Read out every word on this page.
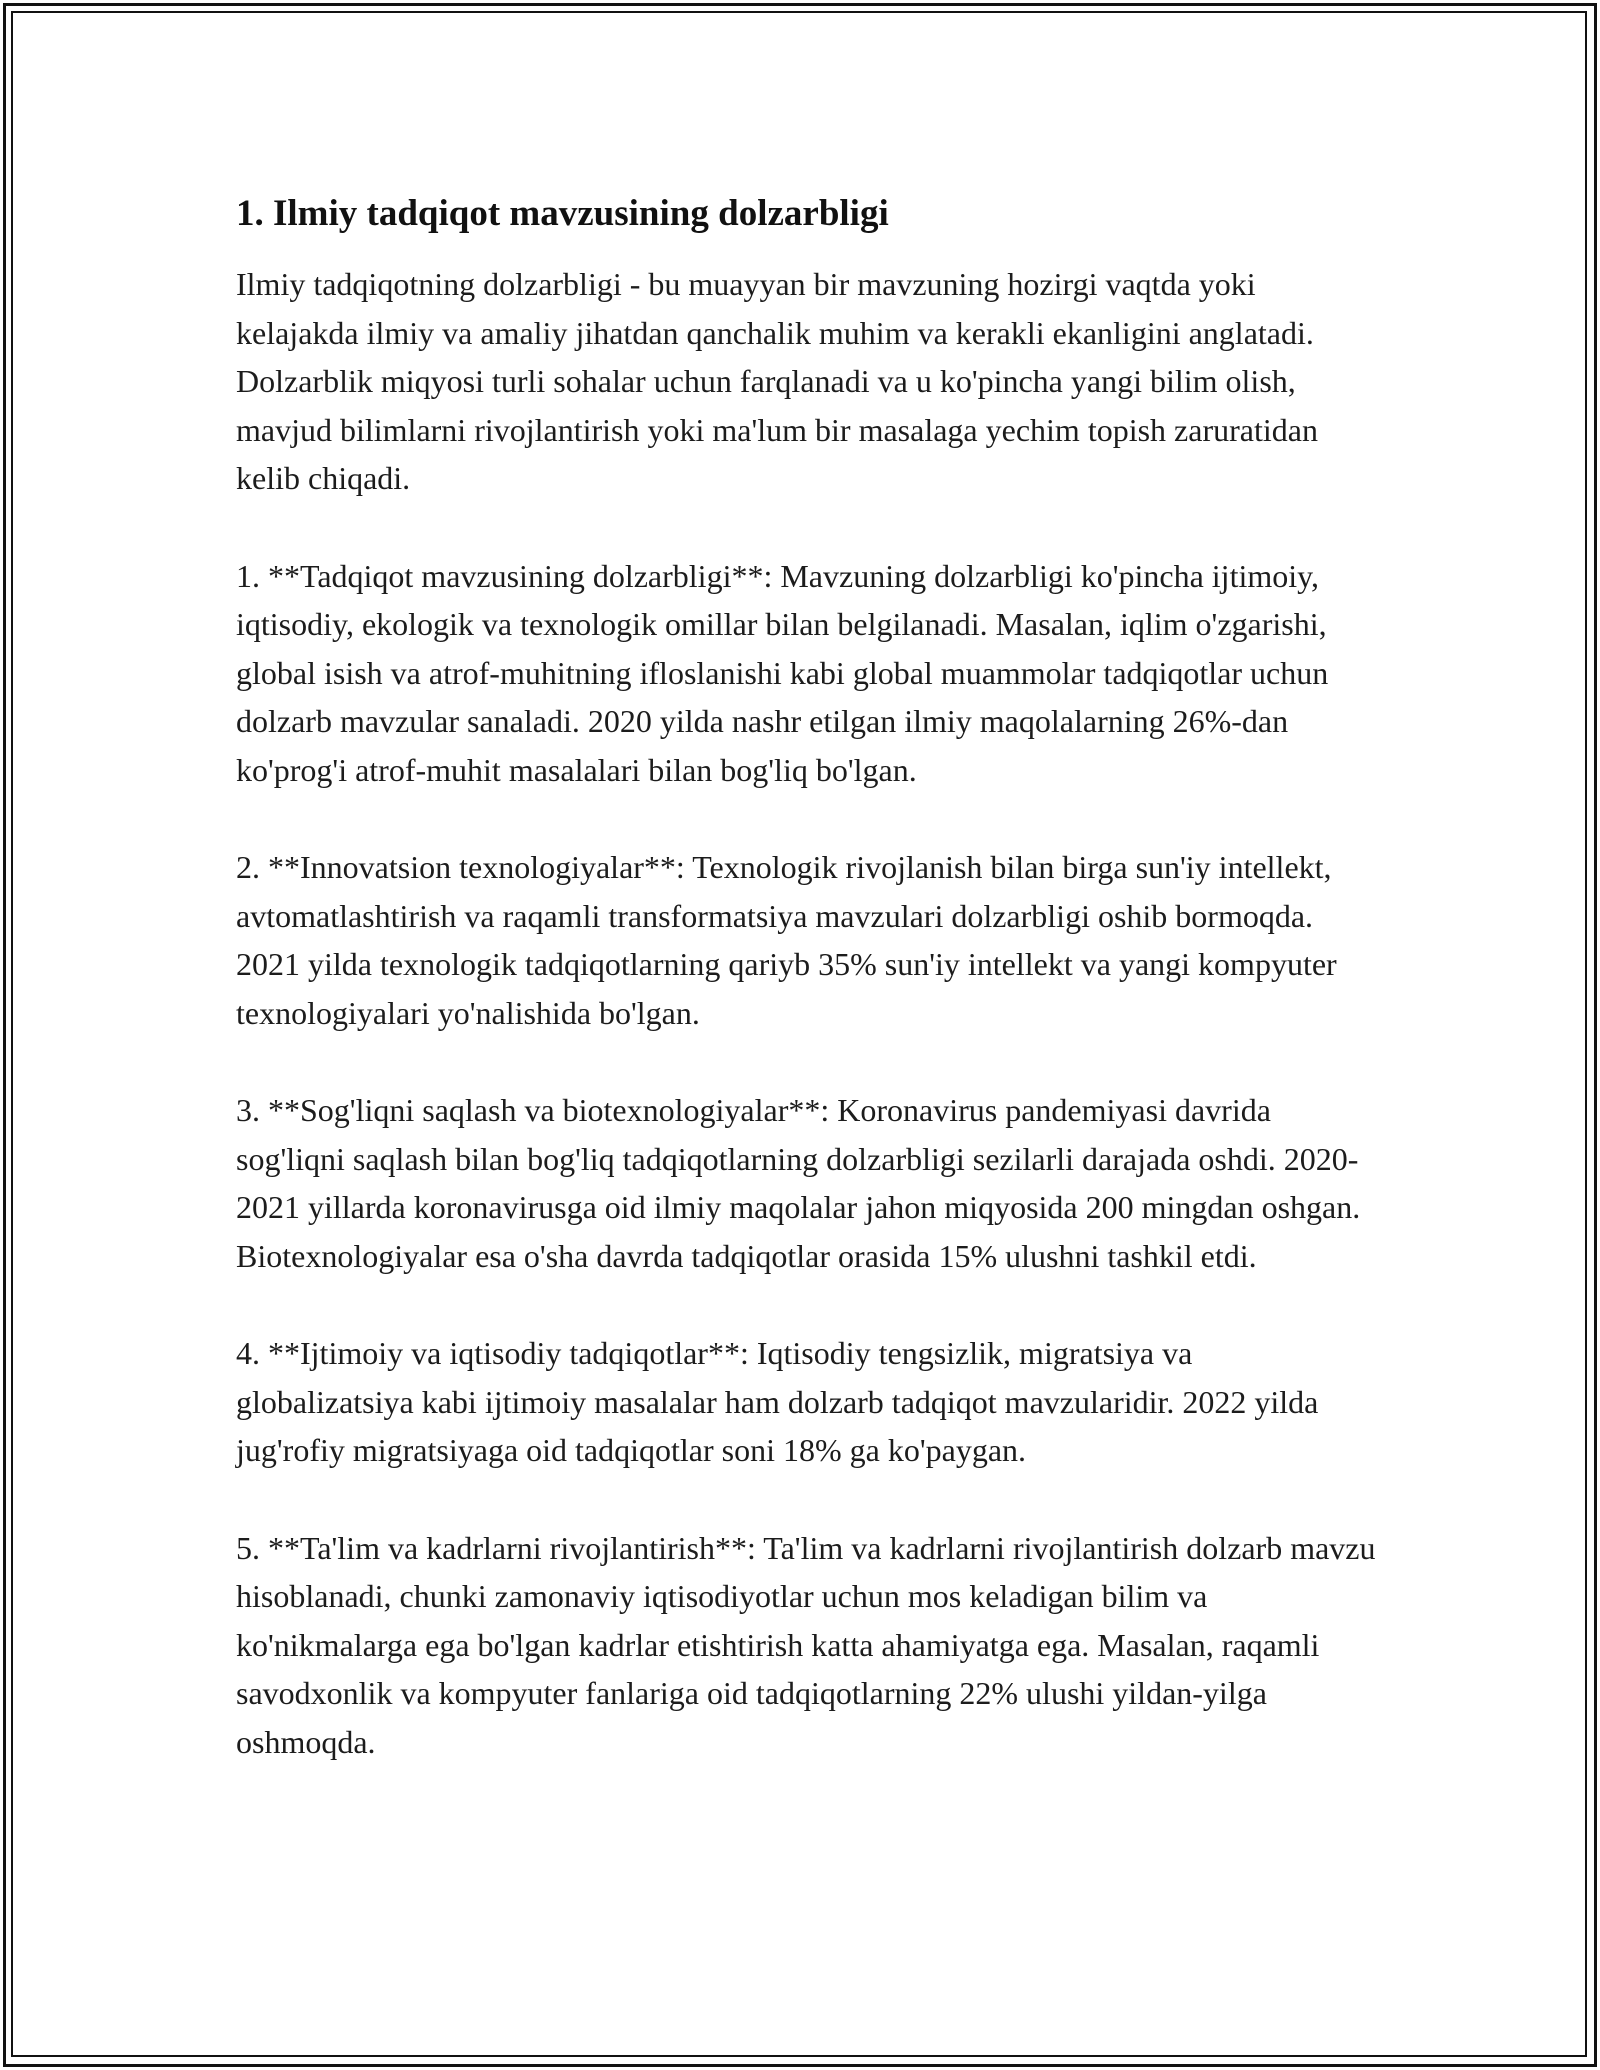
1. Ilmiy tadqiqot mavzusining dolzarbligi

Ilmiy tadqiqotning dolzarbligi - bu muayyan bir mavzuning hozirgi vaqtda yoki kelajakda ilmiy va amaliy jihatdan qanchalik muhim va kerakli ekanligini anglatadi. Dolzarblik miqyosi turli sohalar uchun farqlanadi va u ko'pincha yangi bilim olish, mavjud bilimlarni rivojlantirish yoki ma'lum bir masalaga yechim topish zaruratidan kelib chiqadi.

1. **Tadqiqot mavzusining dolzarbligi**: Mavzuning dolzarbligi ko'pincha ijtimoiy, iqtisodiy, ekologik va texnologik omillar bilan belgilanadi. Masalan, iqlim o'zgarishi, global isish va atrof-muhitning ifloslanishi kabi global muammolar tadqiqotlar uchun dolzarb mavzular sanaladi. 2020 yilda nashr etilgan ilmiy maqolalarning 26%-dan ko'prog'i atrof-muhit masalalari bilan bog'liq bo'lgan.

2. **Innovatsion texnologiyalar**: Texnologik rivojlanish bilan birga sun'iy intellekt, avtomatlashtirish va raqamli transformatsiya mavzulari dolzarbligi oshib bormoqda. 2021 yilda texnologik tadqiqotlarning qariyb 35% sun'iy intellekt va yangi kompyuter texnologiyalari yo'nalishida bo'lgan.

3. **Sog'liqni saqlash va biotexnologiyalar**: Koronavirus pandemiyasi davrida sog'liqni saqlash bilan bog'liq tadqiqotlarning dolzarbligi sezilarli darajada oshdi. 2020-2021 yillarda koronavirusga oid ilmiy maqolalar jahon miqyosida 200 mingdan oshgan. Biotexnologiyalar esa o'sha davrda tadqiqotlar orasida 15% ulushni tashkil etdi.

4. **Ijtimoiy va iqtisodiy tadqiqotlar**: Iqtisodiy tengsizlik, migratsiya va globalizatsiya kabi ijtimoiy masalalar ham dolzarb tadqiqot mavzularidir. 2022 yilda jug'rofiy migratsiyaga oid tadqiqotlar soni 18% ga ko'paygan.

5. **Ta'lim va kadrlarni rivojlantirish**: Ta'lim va kadrlarni rivojlantirish dolzarb mavzu hisoblanadi, chunki zamonaviy iqtisodiyotlar uchun mos keladigan bilim va ko'nikmalarga ega bo'lgan kadrlar etishtirish katta ahamiyatga ega. Masalan, raqamli savodxonlik va kompyuter fanlariga oid tadqiqotlarning 22% ulushi yildan-yilga oshmoqda.
